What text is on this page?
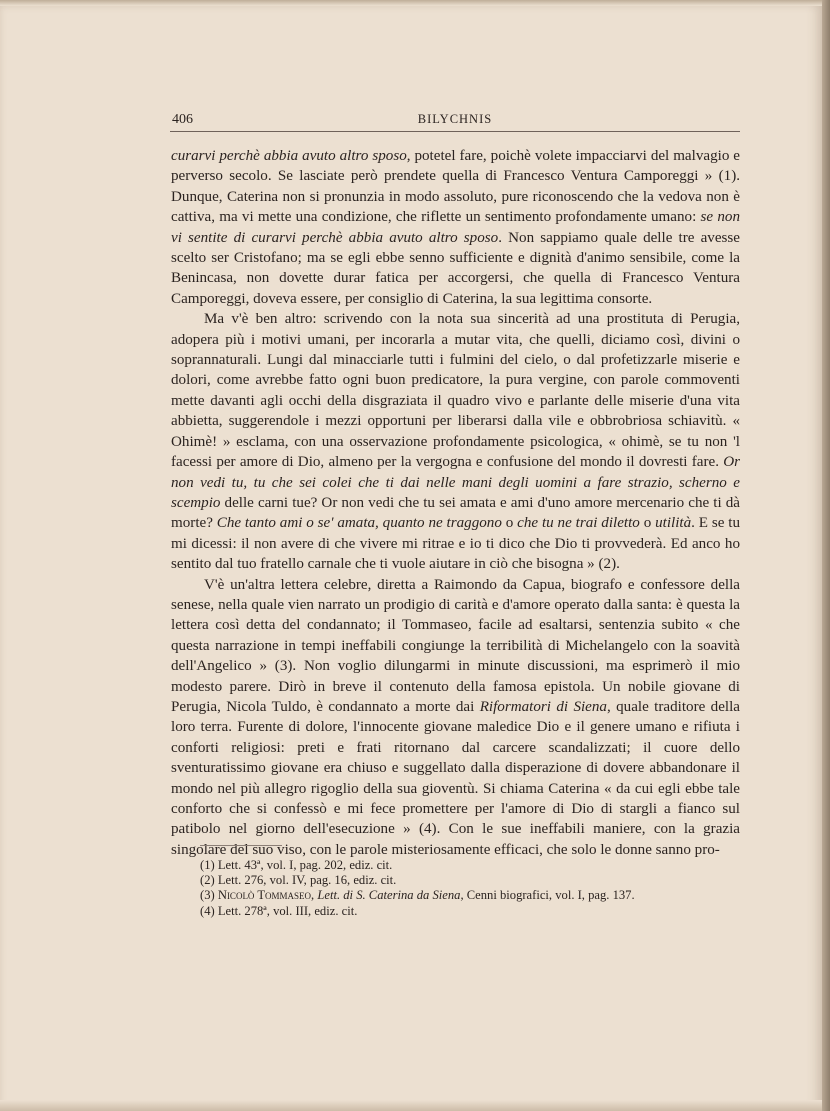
406	BILYCHNIS

curarvi perchè abbia avuto altro sposo, potetel fare, poichè volete impacciarvi del malvagio e perverso secolo. Se lasciate però prendete quella di Francesco Ventura Camporeggi » (1). Dunque, Caterina non si pronunzia in modo assoluto, pure riconoscendo che la vedova non è cattiva, ma vi mette una condizione, che riflette un sentimento profondamente umano: se non vi sentite di curarvi perchè abbia avuto altro sposo. Non sappiamo quale delle tre avesse scelto ser Cristofano; ma se egli ebbe senno sufficiente e dignità d'animo sensibile, come la Benincasa, non dovette durar fatica per accorgersi, che quella di Francesco Ventura Camporeggi, doveva essere, per consiglio di Caterina, la sua legittima consorte.

Ma v'è ben altro: scrivendo con la nota sua sincerità ad una prostituta di Perugia, adopera più i motivi umani, per incorarla a mutar vita, che quelli, diciamo così, divini o soprannaturali. Lungi dal minacciarle tutti i fulmini del cielo, o dal profetizzarle miserie e dolori, come avrebbe fatto ogni buon predicatore, la pura vergine, con parole commoventi mette davanti agli occhi della disgraziata il quadro vivo e parlante delle miserie d'una vita abbietta, suggerendole i mezzi opportuni per liberarsi dalla vile e obbrobriosa schiavitù. « Ohimè! » esclama, con una osservazione profondamente psicologica, « ohimè, se tu non 'l facessi per amore di Dio, almeno per la vergogna e confusione del mondo il dovresti fare. Or non vedi tu, tu che sei colei che ti dai nelle mani degli uomini a fare strazio, scherno e scempio delle carni tue? Or non vedi che tu sei amata e ami d'uno amore mercenario che ti dà morte? Che tanto ami o se' amata, quanto ne traggono o che tu ne trai diletto o utilità. E se tu mi dicessi: il non avere di che vivere mi ritrae e io ti dico che Dio ti provvederà. Ed anco ho sentito dal tuo fratello carnale che ti vuole aiutare in ciò che bisogna » (2).

V'è un'altra lettera celebre, diretta a Raimondo da Capua, biografo e confessore della senese, nella quale vien narrato un prodigio di carità e d'amore operato dalla santa: è questa la lettera così detta del condannato; il Tommaseo, facile ad esaltarsi, sentenzia subito « che questa narrazione in tempi ineffabili congiunge la terribilità di Michelangelo con la soavità dell'Angelico » (3). Non voglio dilungarmi in minute discussioni, ma esprimerò il mio modesto parere. Dirò in breve il contenuto della famosa epistola. Un nobile giovane di Perugia, Nicola Tuldo, è condannato a morte dai Riformatori di Siena, quale traditore della loro terra. Furente di dolore, l'innocente giovane maledice Dio e il genere umano e rifiuta i conforti religiosi: preti e frati ritornano dal carcere scandalizzati; il cuore dello sventuratissimo giovane era chiuso e suggellato dalla disperazione di dovere abbandonare il mondo nel più allegro rigoglio della sua gioventù. Si chiama Caterina « da cui egli ebbe tale conforto che si confessò e mi fece promettere per l'amore di Dio di stargli a fianco sul patibolo nel giorno dell'esecuzione » (4). Con le sue ineffabili maniere, con la grazia singolare del suo viso, con le parole misteriosamente efficaci, che solo le donne sanno pro-

(1) Lett. 43ª, vol. I, pag. 202, ediz. cit.
(2) Lett. 276, vol. IV, pag. 16, ediz. cit.
(3) Nicolò Tommaseo, Lett. di S. Caterina da Siena, Cenni biografici, vol. I, pag. 137.
(4) Lett. 278ª, vol. III, ediz. cit.
